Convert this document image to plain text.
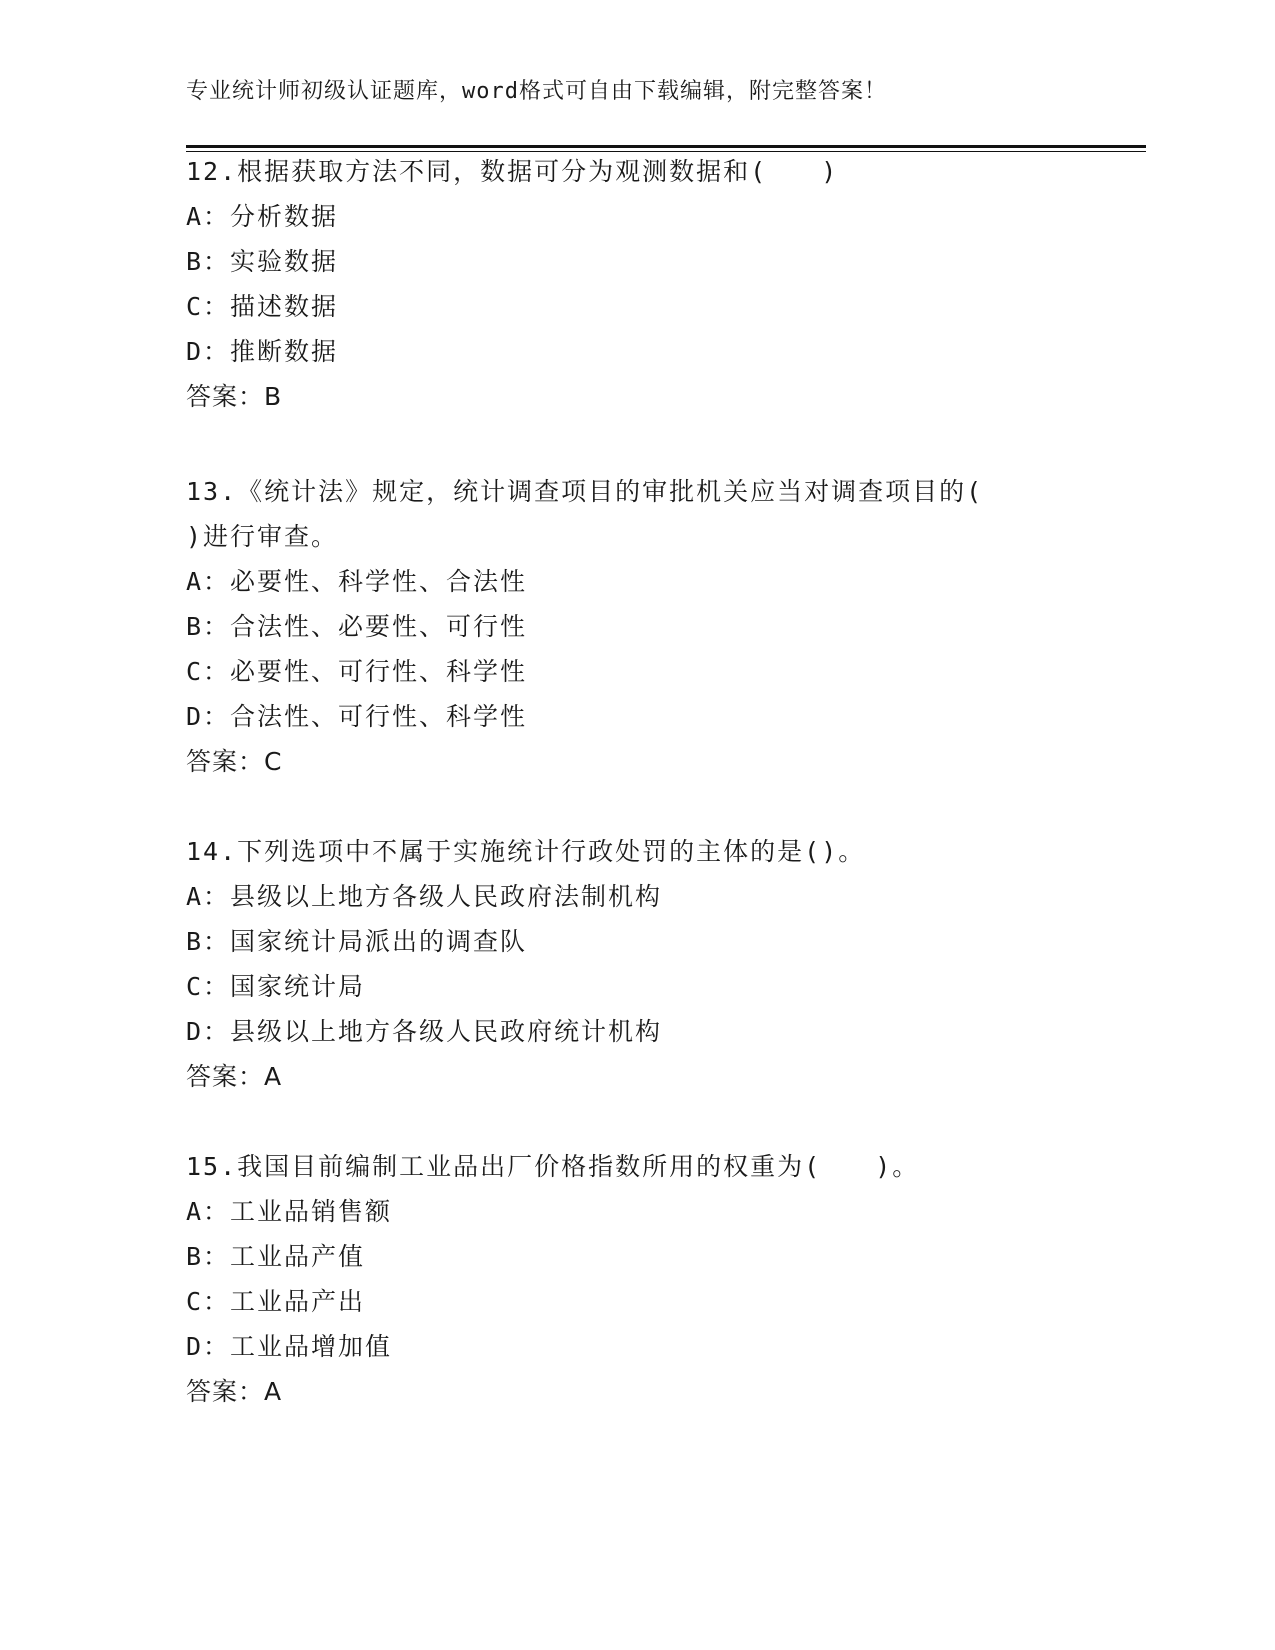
专业统计师初级认证题库，word格式可自由下载编辑，附完整答案！
12.根据获取方法不同，数据可分为观测数据和(　　)
A：分析数据
B：实验数据
C：描述数据
D：推断数据
答案：B
13.《统计法》规定，统计调查项目的审批机关应当对调查项目的(
)进行审查。
A：必要性、科学性、合法性
B：合法性、必要性、可行性
C：必要性、可行性、科学性
D：合法性、可行性、科学性
答案：C
14.下列选项中不属于实施统计行政处罚的主体的是()。
A：县级以上地方各级人民政府法制机构
B：国家统计局派出的调查队
C：国家统计局
D：县级以上地方各级人民政府统计机构
答案：A
15.我国目前编制工业品出厂价格指数所用的权重为(　　)。
A：工业品销售额
B：工业品产值
C：工业品产出
D：工业品增加值
答案：A
